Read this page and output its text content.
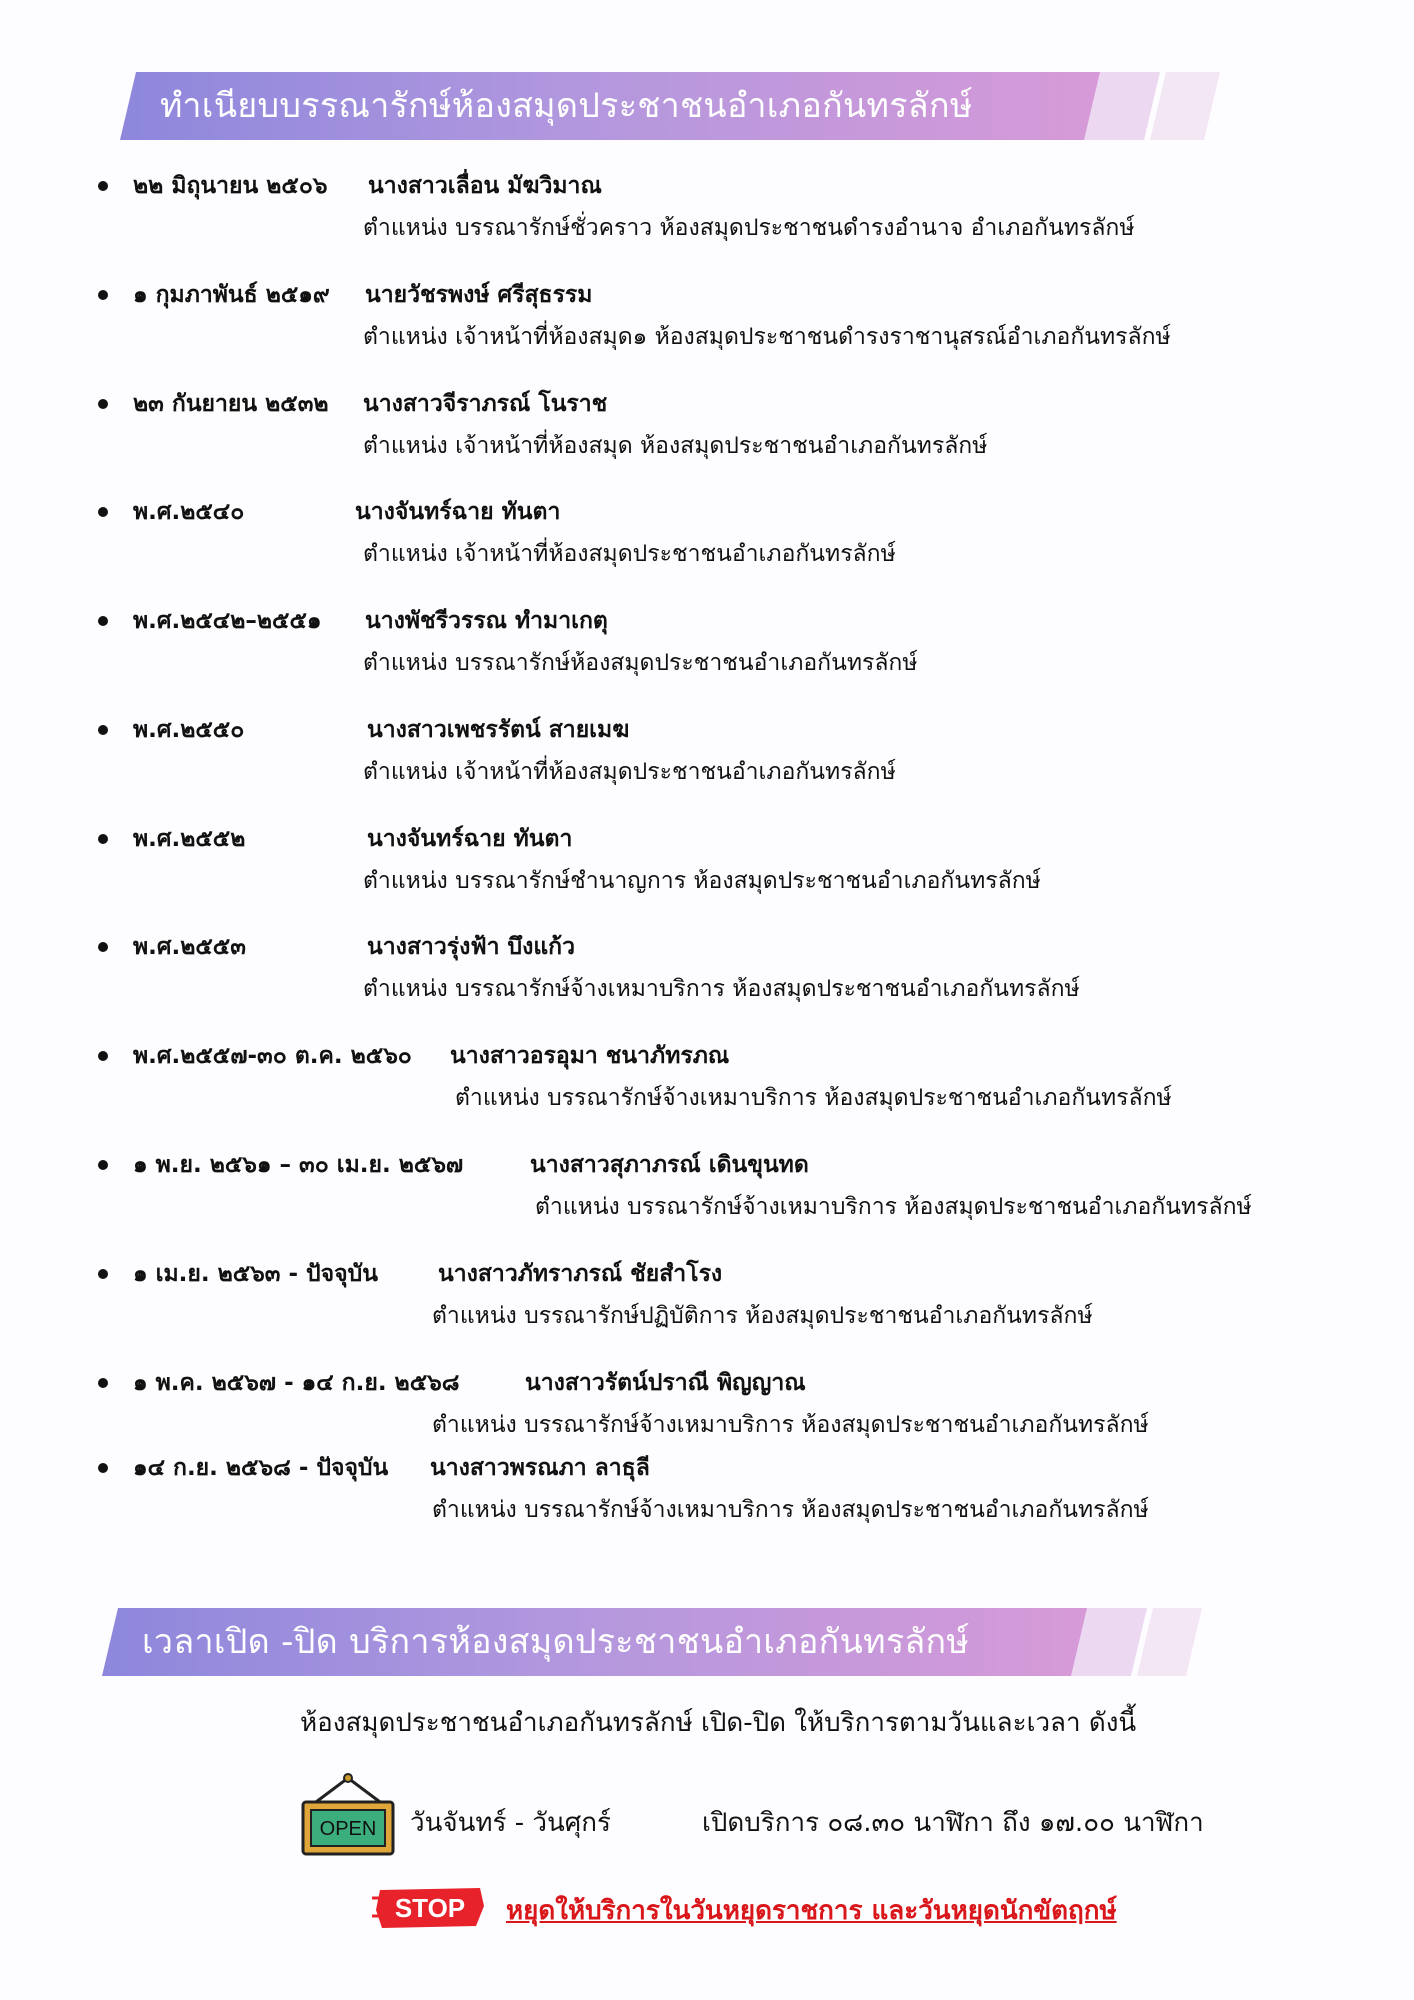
ทำเนียบบรรณารักษ์ห้องสมุดประชาชนอำเภอกันทรลักษ์
๒๒ มิถุนายน ๒๕๐๖ นางสาวเลื่อน มัฆวิมาณ
ตำแหน่ง บรรณารักษ์ชั่วคราว ห้องสมุดประชาชนดำรงอำนาจ อำเภอกันทรลักษ์
๑ กุมภาพันธ์ ๒๕๑๙ นายวัชรพงษ์ ศรีสุธรรม
ตำแหน่ง เจ้าหน้าที่ห้องสมุด๑ ห้องสมุดประชาชนดำรงราชานุสรณ์อำเภอกันทรลักษ์
๒๓ กันยายน ๒๕๓๒ นางสาวจีราภรณ์ โนราช
ตำแหน่ง เจ้าหน้าที่ห้องสมุด ห้องสมุดประชาชนอำเภอกันทรลักษ์
พ.ศ.๒๕๔๐	นางจันทร์ฉาย ทันตา
ตำแหน่ง เจ้าหน้าที่ห้องสมุดประชาชนอำเภอกันทรลักษ์
พ.ศ.๒๕๔๒–๒๕๕๑ นางพัชรีวรรณ ทำมาเกตุ
ตำแหน่ง บรรณารักษ์ห้องสมุดประชาชนอำเภอกันทรลักษ์
พ.ศ.๒๕๕๐	นางสาวเพชรรัตน์ สายเมฆ
ตำแหน่ง เจ้าหน้าที่ห้องสมุดประชาชนอำเภอกันทรลักษ์
พ.ศ.๒๕๕๒	นางจันทร์ฉาย ทันตา
ตำแหน่ง บรรณารักษ์ชำนาญการ ห้องสมุดประชาชนอำเภอกันทรลักษ์
พ.ศ.๒๕๕๓	นางสาวรุ่งฟ้า บึงแก้ว
ตำแหน่ง บรรณารักษ์จ้างเหมาบริการ ห้องสมุดประชาชนอำเภอกันทรลักษ์
พ.ศ.๒๕๕๗-๓๐ ต.ค. ๒๕๖๐ นางสาวอรอุมา ชนาภัทรภณ
ตำแหน่ง บรรณารักษ์จ้างเหมาบริการ ห้องสมุดประชาชนอำเภอกันทรลักษ์
๑ พ.ย. ๒๕๖๑ – ๓๐ เม.ย. ๒๕๖๗	นางสาวสุภาภรณ์ เดินขุนทด
ตำแหน่ง บรรณารักษ์จ้างเหมาบริการ ห้องสมุดประชาชนอำเภอกันทรลักษ์
๑ เม.ย. ๒๕๖๓ - ปัจจุบัน	นางสาวภัทราภรณ์ ชัยสำโรง
ตำแหน่ง บรรณารักษ์ปฏิบัติการ ห้องสมุดประชาชนอำเภอกันทรลักษ์
๑ พ.ค. ๒๕๖๗ - ๑๔ ก.ย. ๒๕๖๘	นางสาวรัตน์ปราณี พิญญาณ
ตำแหน่ง บรรณารักษ์จ้างเหมาบริการ ห้องสมุดประชาชนอำเภอกันทรลักษ์
๑๔ ก.ย. ๒๕๖๘ - ปัจจุบัน นางสาวพรณภา ลาธุลี
ตำแหน่ง บรรณารักษ์จ้างเหมาบริการ ห้องสมุดประชาชนอำเภอกันทรลักษ์
เวลาเปิด -ปิด บริการห้องสมุดประชาชนอำเภอกันทรลักษ์
ห้องสมุดประชาชนอำเภอกันทรลักษ์ เปิด-ปิด ให้บริการตามวันและเวลา ดังนี้
OPEN วันจันทร์ - วันศุกร์	เปิดบริการ ๐๘.๓๐ นาฬิกา ถึง ๑๗.๐๐ นาฬิกา
STOP หยุดให้บริการในวันหยุดราชการ และวันหยุดนักขัตฤกษ์
